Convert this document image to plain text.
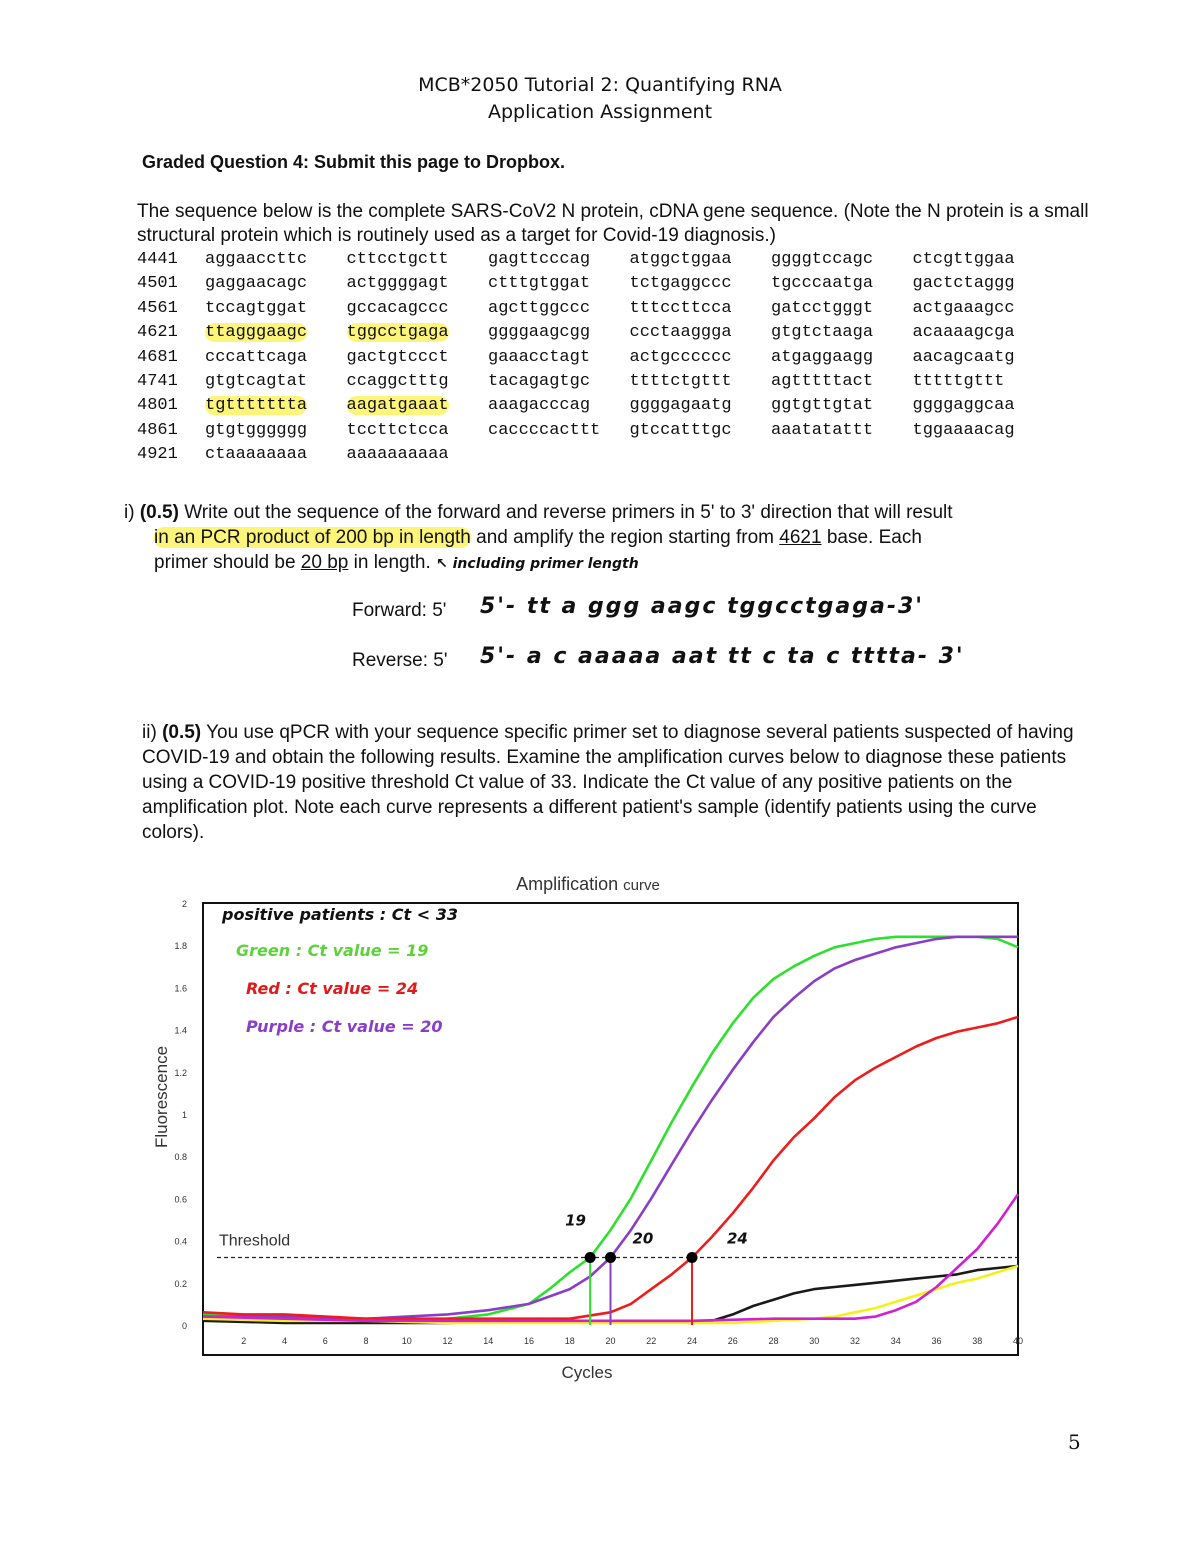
MCB*2050 Tutorial 2: Quantifying RNA
Application Assignment
Graded Question 4: Submit this page to Dropbox.
The sequence below is the complete SARS-CoV2 N protein, cDNA gene sequence. (Note the N protein is a small structural protein which is routinely used as a target for Covid-19 diagnosis.)
4441 aggaaccttc cttcctgctt gagttcccag atggctggaa ggggtccagc ctcgttggaa
4501 gaggaacagc actggggagt ctttgtggat tctgaggccc tgcccaatga gactctaggg
4561 tccagtggat gccacagccc agcttggccc tttccttcca gatcctgggt actgaaagcc
4621 ttagggaagc tggcctgaga ggggaagcgg ccctaaggga gtgtctaaga acaaaagcga
4681 cccattcaga gactgtccct gaaacctagt actgcccccc atgaggaagg aacagcaatg
4741 gtgtcagtat ccaggctttg tacagagtgc ttttctgttt agtttttact tttttgttt
4801 tgttttttta aagatgaaat aaagacccag ggggagaatg ggtgttgtat ggggaggcaa
4861 gtgtgggggg tccttctcca caccccacttt gtccatttgc aaatatattt tggaaaacag
4921 ctaaaaaaaa aaaaaaaaaa

i) (0.5) Write out the sequence of the forward and reverse primers in 5' to 3' direction that will result

in an PCR product of 200 bp in length and amplify the region starting from 4621 base. Each

primer should be 20 bp in length. ↖ including primer length

Forward: 5' 5'- tt a ggg aagc tggcctgaga-3'
Reverse: 5' 5'- a c aaaaa aat tt c ta c tttta- 3'
ii) (0.5) You use qPCR with your sequence specific primer set to diagnose several patients suspected of having COVID-19 and obtain the following results. Examine the amplification curves below to diagnose these patients using a COVID-19 positive threshold Ct value of 33. Indicate the Ct value of any positive patients on the amplification plot. Note each curve represents a different patient's sample (identify patients using the curve colors).
Amplification curve
0
0.2
0.4
0.6
0.8
1
1.2
1.4
1.6
1.8
2
2	4	6	8	10	12	14	16	18	20	22	24	26	28	30	32	34	36	38	40
Fluorescence
Cycles
Threshold
19
20	24
positive patients : Ct < 33
Green : Ct value = 19
Red : Ct value = 24
Purple : Ct value = 20
5
